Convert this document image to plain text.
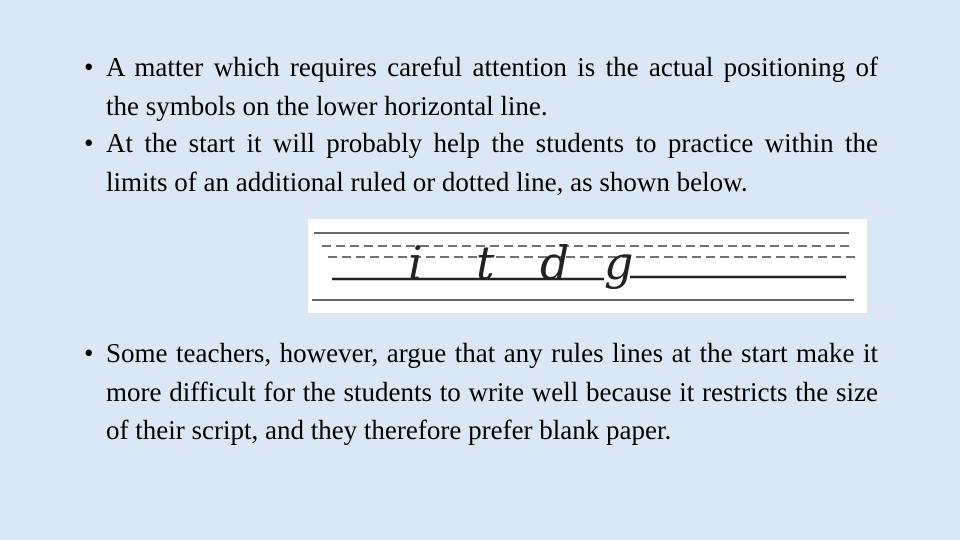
• A matter which requires careful attention is the actual positioning of the symbols on the lower horizontal line.
• At the start it will probably help the students to practice within the limits of an additional ruled or dotted line, as shown below.
i t d g
• Some teachers, however, argue that any rules lines at the start make it more difficult for the students to write well because it restricts the size of their script, and they therefore prefer blank paper.
